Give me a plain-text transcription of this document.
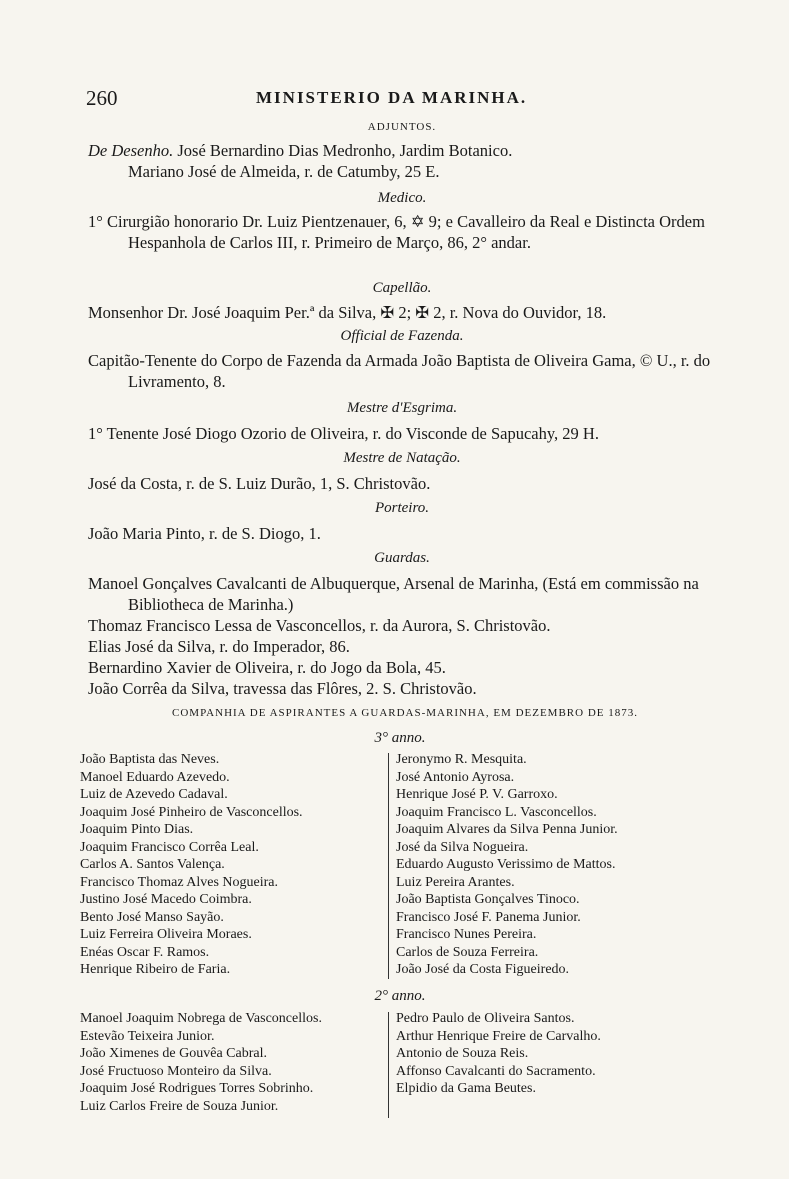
260	MINISTERIO DA MARINHA.
ADJUNTOS.
De Desenho. José Bernardino Dias Medronho, Jardim Botanico.
Mariano José de Almeida, r. de Catumby, 25 E.
Medico.
1° Cirurgião honorario Dr. Luiz Pientzenauer, 6, ✡ 9; e Cavalleiro da Real e Distincta Ordem Hespanhola de Carlos III, r. Primeiro de Março, 86, 2° andar.
Capellão.
Monsenhor Dr. José Joaquim Per.ª da Silva, ✠ 2; ✠ 2, r. Nova do Ouvidor, 18.
Official de Fazenda.
Capitão-Tenente do Corpo de Fazenda da Armada João Baptista de Oliveira Gama, © U., r. do Livramento, 8.
Mestre d'Esgrima.
1° Tenente José Diogo Ozorio de Oliveira, r. do Visconde de Sapucahy, 29 H.
Mestre de Natação.
José da Costa, r. de S. Luiz Durão, 1, S. Christovão.
Porteiro.
João Maria Pinto, r. de S. Diogo, 1.
Guardas.
Manoel Gonçalves Cavalcanti de Albuquerque, Arsenal de Marinha, (Está em commissão na Bibliotheca de Marinha.)
Thomaz Francisco Lessa de Vasconcellos, r. da Aurora, S. Christovão.
Elias José da Silva, r. do Imperador, 86.
Bernardino Xavier de Oliveira, r. do Jogo da Bola, 45.
João Corrêa da Silva, travessa das Flôres, 2. S. Christovão.
COMPANHIA DE ASPIRANTES A GUARDAS-MARINHA, EM DEZEMBRO DE 1873.
3° anno.
João Baptista das Neves.
Manoel Eduardo Azevedo.
Luiz de Azevedo Cadaval.
Joaquim José Pinheiro de Vasconcellos.
Joaquim Pinto Dias.
Joaquim Francisco Corrêa Leal.
Carlos A. Santos Valença.
Francisco Thomaz Alves Nogueira.
Justino José Macedo Coimbra.
Bento José Manso Sayão.
Luiz Ferreira Oliveira Moraes.
Enéas Oscar F. Ramos.
Henrique Ribeiro de Faria.
Jeronymo R. Mesquita.
José Antonio Ayrosa.
Henrique José P. V. Garroxo.
Joaquim Francisco L. Vasconcellos.
Joaquim Alvares da Silva Penna Junior.
José da Silva Nogueira.
Eduardo Augusto Verissimo de Mattos.
Luiz Pereira Arantes.
João Baptista Gonçalves Tinoco.
Francisco José F. Panema Junior.
Francisco Nunes Pereira.
Carlos de Souza Ferreira.
João José da Costa Figueiredo.
2° anno.
Manoel Joaquim Nobrega de Vasconcellos.
Estevão Teixeira Junior.
João Ximenes de Gouvêa Cabral.
José Fructuoso Monteiro da Silva.
Joaquim José Rodrigues Torres Sobrinho.
Luiz Carlos Freire de Souza Junior.
Pedro Paulo de Oliveira Santos.
Arthur Henrique Freire de Carvalho.
Antonio de Souza Reis.
Affonso Cavalcanti do Sacramento.
Elpidio da Gama Beutes.
